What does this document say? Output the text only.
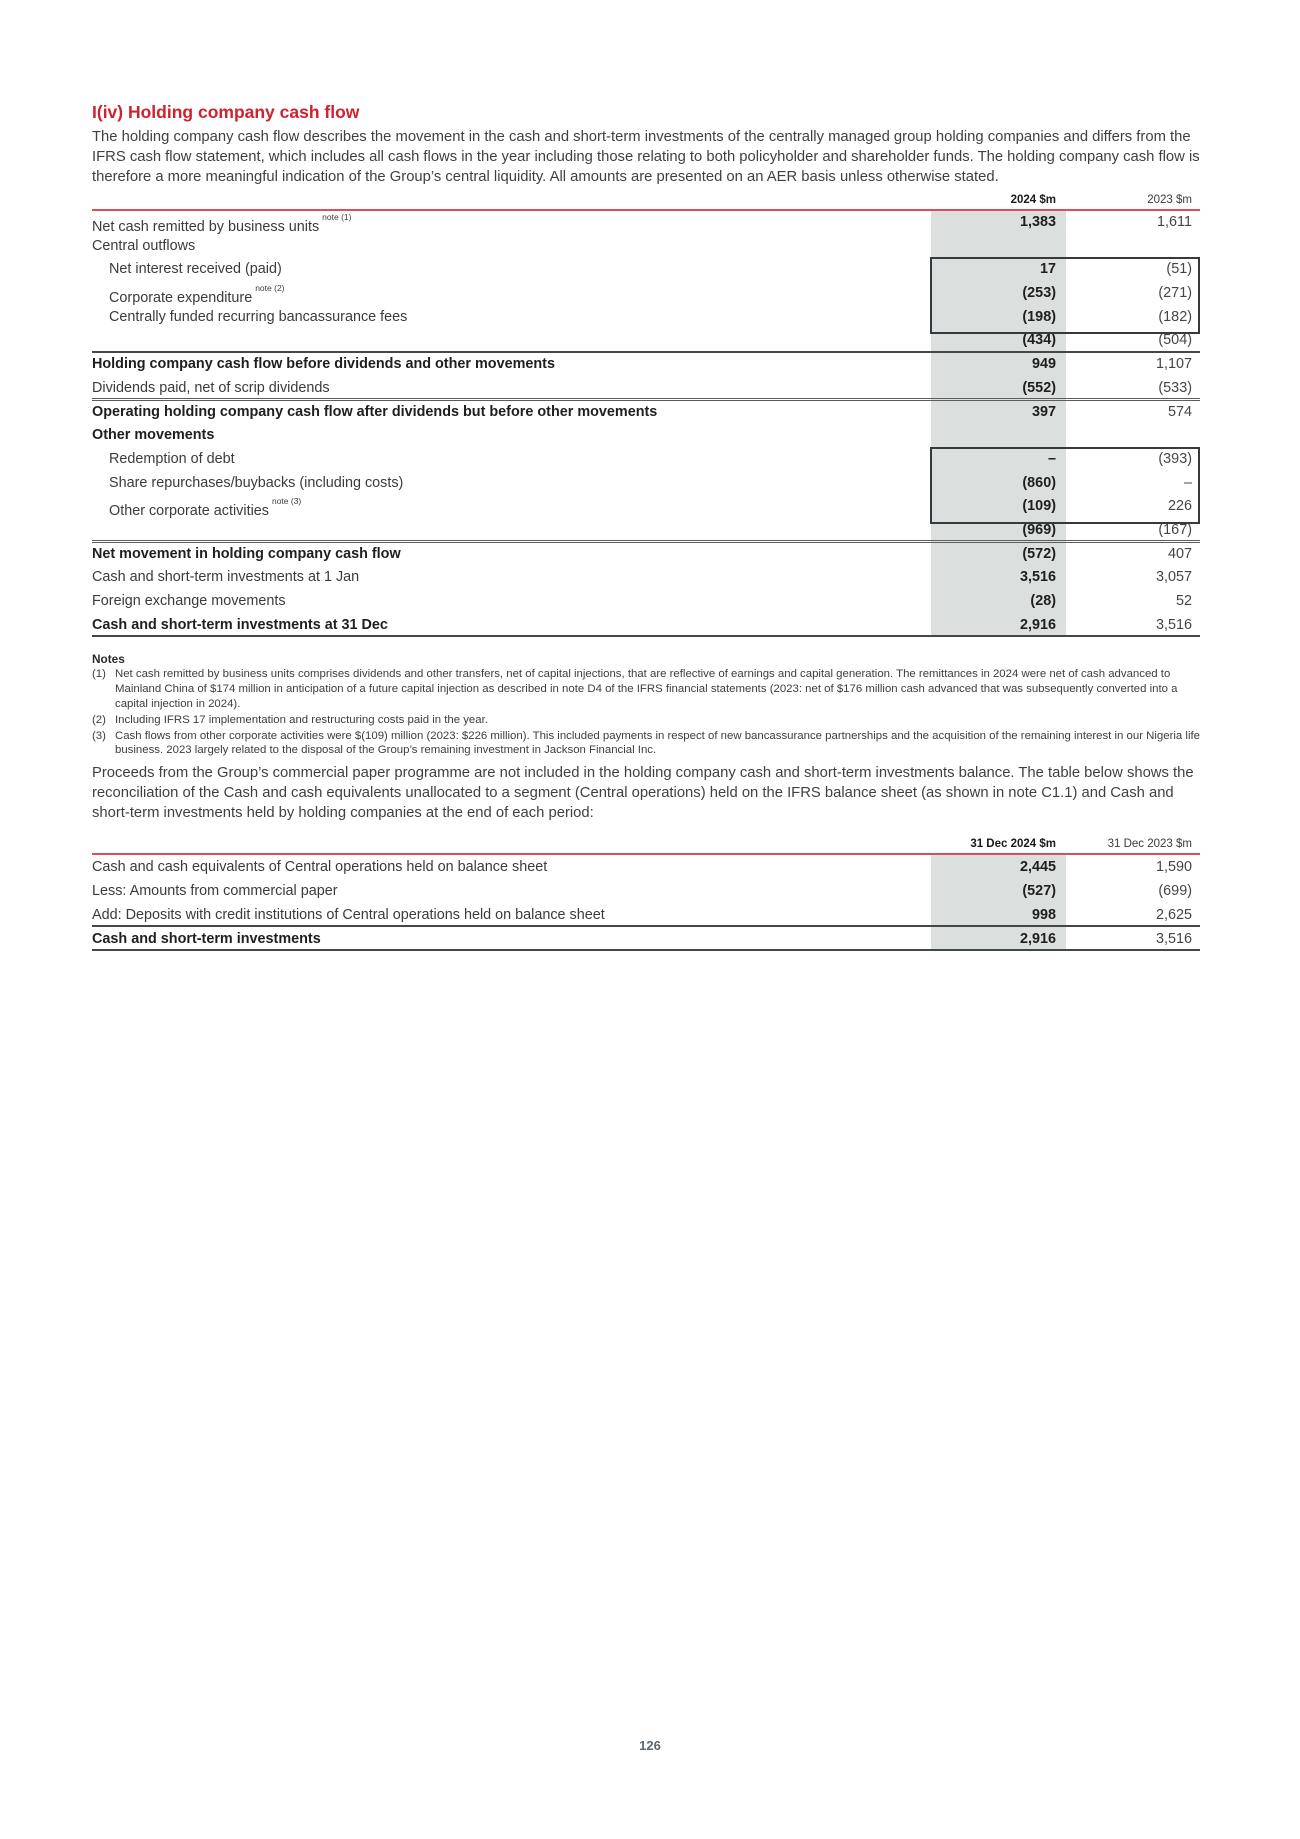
I(iv) Holding company cash flow

The holding company cash flow describes the movement in the cash and short-term investments of the centrally managed group holding companies and differs from the IFRS cash flow statement, which includes all cash flows in the year including those relating to both policyholder and shareholder funds. The holding company cash flow is therefore a more meaningful indication of the Group’s central liquidity. All amounts are presented on an AER basis unless otherwise stated.

2024 $m	2023 $m
Net cash remitted by business units$^{note (1)}$	1,383	1,611
Central outflows
Net interest received (paid)	17	(51)
Corporate expenditure$^{note (2)}$	(253)	(271)
Centrally funded recurring bancassurance fees	(198)	(182)
(434)	(504)
Holding company cash flow before dividends and other movements	949	1,107
Dividends paid, net of scrip dividends	(552)	(533)
Operating holding company cash flow after dividends but before other movements	397	574
Other movements
Redemption of debt	–	(393)
Share repurchases/buybacks (including costs)	(860)	–
Other corporate activities$^{note (3)}$	(109)	226
(969)	(167)
Net movement in holding company cash flow	(572)	407
Cash and short-term investments at 1 Jan	3,516	3,057
Foreign exchange movements	(28)	52
Cash and short-term investments at 31 Dec	2,916	3,516
Notes
(1) Net cash remitted by business units comprises dividends and other transfers, net of capital injections, that are reflective of earnings and capital generation. The remittances in 2024 were net of cash advanced to Mainland China of $174 million in anticipation of a future capital injection as described in note D4 of the IFRS financial statements (2023: net of $176 million cash advanced that was subsequently converted into a capital injection in 2024).
(2) Including IFRS 17 implementation and restructuring costs paid in the year.
(3) Cash flows from other corporate activities were $(109) million (2023: $226 million). This included payments in respect of new bancassurance partnerships and the acquisition of the remaining interest in our Nigeria life business. 2023 largely related to the disposal of the Group’s remaining investment in Jackson Financial Inc.

Proceeds from the Group’s commercial paper programme are not included in the holding company cash and short-term investments balance. The table below shows the reconciliation of the Cash and cash equivalents unallocated to a segment (Central operations) held on the IFRS balance sheet (as shown in note C1.1) and Cash and short-term investments held by holding companies at the end of each period:

31 Dec 2024 $m	31 Dec 2023 $m
Cash and cash equivalents of Central operations held on balance sheet	2,445	1,590
Less: Amounts from commercial paper	(527)	(699)
Add: Deposits with credit institutions of Central operations held on balance sheet	998	2,625
Cash and short-term investments	2,916	3,516
126
